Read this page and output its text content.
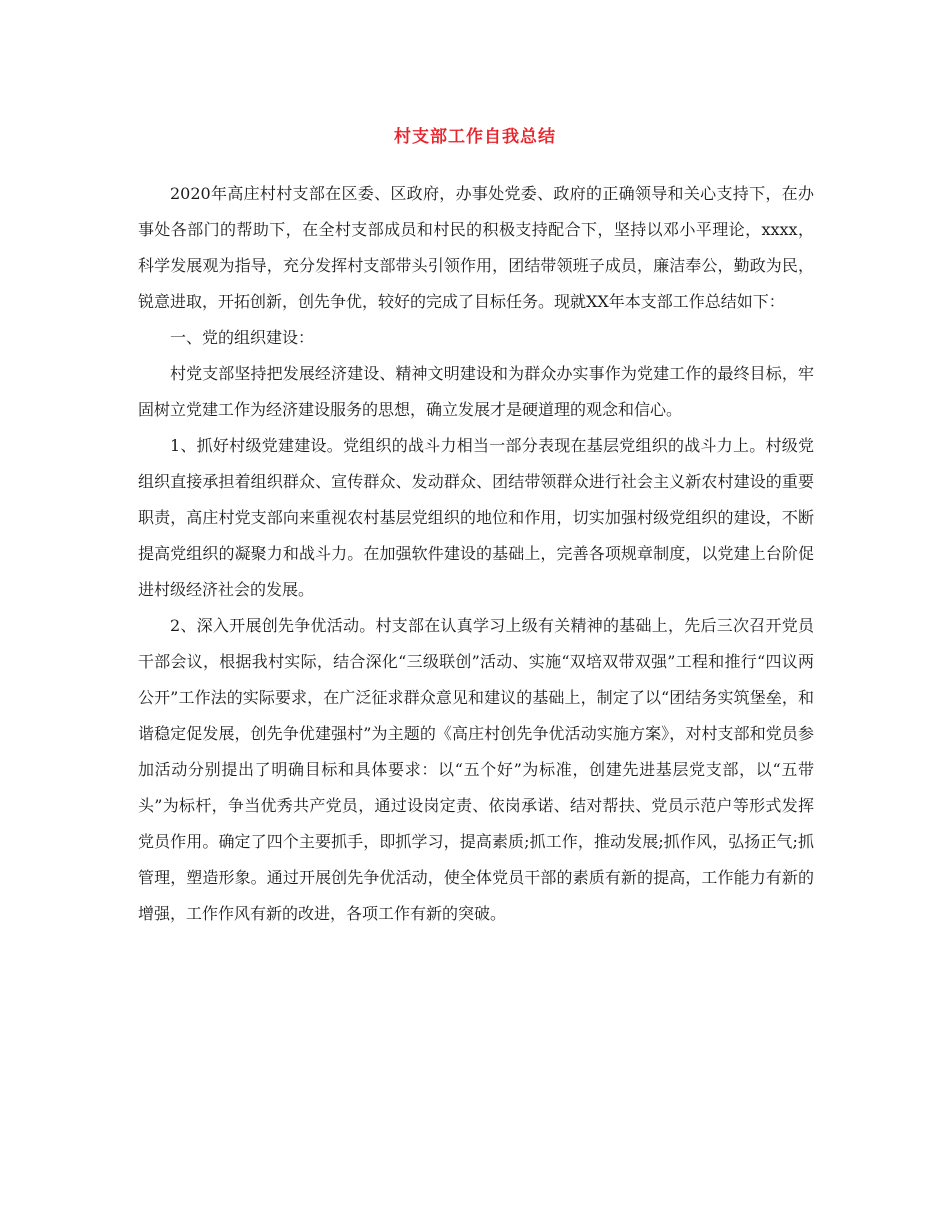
村支部工作自我总结

2020年高庄村村支部在区委、区政府，办事处党委、政府的正确领导和关心支持下，在办事处各部门的帮助下，在全村支部成员和村民的积极支持配合下，坚持以邓小平理论，xxxx，科学发展观为指导，充分发挥村支部带头引领作用，团结带领班子成员，廉洁奉公，勤政为民，锐意进取，开拓创新，创先争优，较好的完成了目标任务。现就XX年本支部工作总结如下：

一、党的组织建设：

村党支部坚持把发展经济建设、精神文明建设和为群众办实事作为党建工作的最终目标，牢固树立党建工作为经济建设服务的思想，确立发展才是硬道理的观念和信心。

1、抓好村级党建建设。党组织的战斗力相当一部分表现在基层党组织的战斗力上。村级党组织直接承担着组织群众、宣传群众、发动群众、团结带领群众进行社会主义新农村建设的重要职责，高庄村党支部向来重视农村基层党组织的地位和作用，切实加强村级党组织的建设，不断提高党组织的凝聚力和战斗力。在加强软件建设的基础上，完善各项规章制度，以党建上台阶促进村级经济社会的发展。

2、深入开展创先争优活动。村支部在认真学习上级有关精神的基础上，先后三次召开党员干部会议，根据我村实际，结合深化“三级联创”活动、实施“双培双带双强”工程和推行“四议两公开”工作法的实际要求，在广泛征求群众意见和建议的基础上，制定了以“团结务实筑堡垒，和谐稳定促发展，创先争优建强村”为主题的《高庄村创先争优活动实施方案》，对村支部和党员参加活动分别提出了明确目标和具体要求：以“五个好”为标准，创建先进基层党支部，以“五带头”为标杆，争当优秀共产党员，通过设岗定责、依岗承诺、结对帮扶、党员示范户等形式发挥党员作用。确定了四个主要抓手，即抓学习，提高素质;抓工作，推动发展;抓作风，弘扬正气;抓管理，塑造形象。通过开展创先争优活动，使全体党员干部的素质有新的提高，工作能力有新的增强，工作作风有新的改进，各项工作有新的突破。
